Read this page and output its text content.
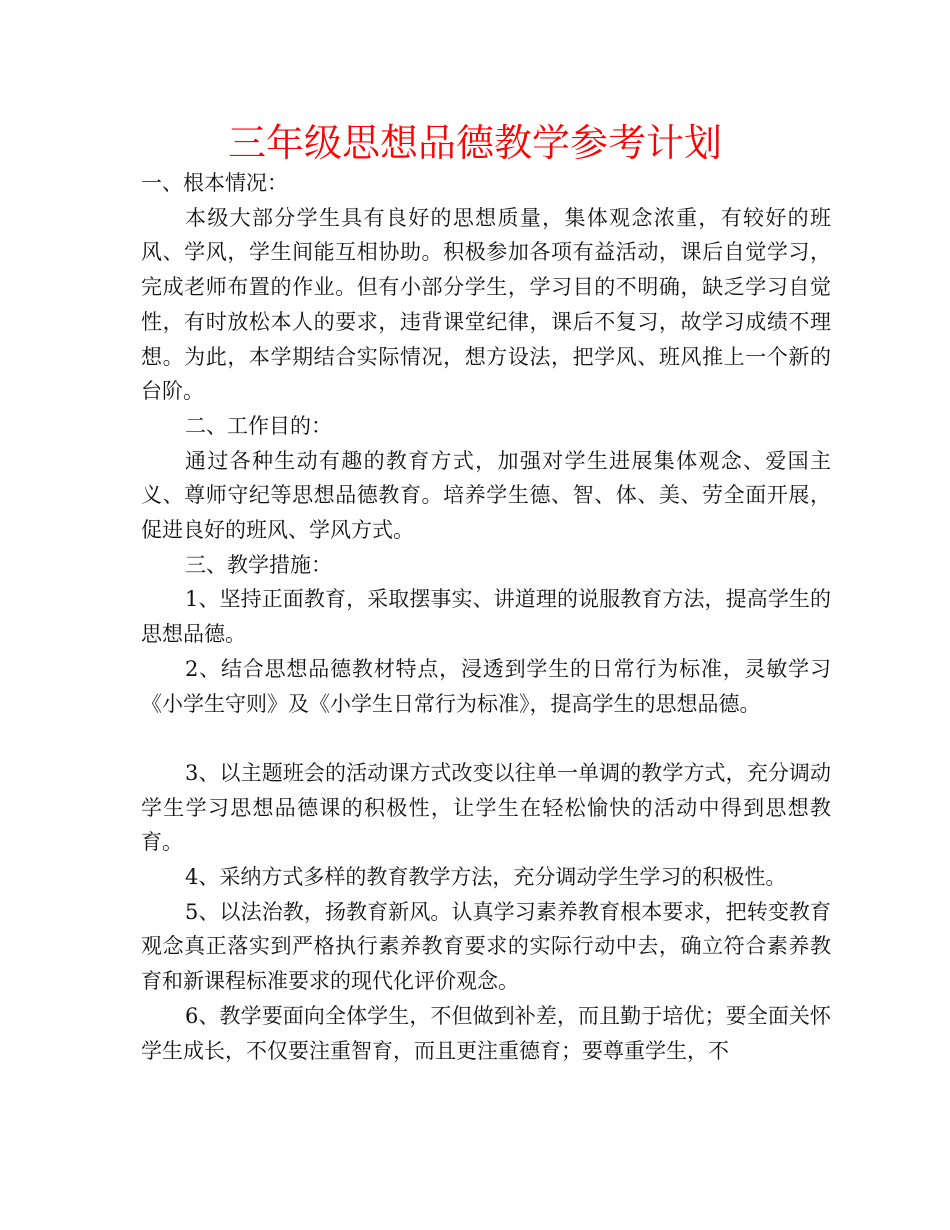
三年级思想品德教学参考计划

一、根本情况：

本级大部分学生具有良好的思想质量，集体观念浓重，有较好的班风、学风，学生间能互相协助。积极参加各项有益活动，课后自觉学习，完成老师布置的作业。但有小部分学生，学习目的不明确，缺乏学习自觉性，有时放松本人的要求，违背课堂纪律，课后不复习，故学习成绩不理想。为此，本学期结合实际情况，想方设法，把学风、班风推上一个新的台阶。

二、工作目的：

通过各种生动有趣的教育方式，加强对学生进展集体观念、爱国主义、尊师守纪等思想品德教育。培养学生德、智、体、美、劳全面开展，促进良好的班风、学风方式。

三、教学措施：

1、坚持正面教育，采取摆事实、讲道理的说服教育方法，提高学生的思想品德。

2、结合思想品德教材特点，浸透到学生的日常行为标准，灵敏学习《小学生守则》及《小学生日常行为标准》，提高学生的思想品德。

3、以主题班会的活动课方式改变以往单一单调的教学方式，充分调动学生学习思想品德课的积极性，让学生在轻松愉快的活动中得到思想教育。

4、采纳方式多样的教育教学方法，充分调动学生学习的积极性。

5、以法治教，扬教育新风。认真学习素养教育根本要求，把转变教育观念真正落实到严格执行素养教育要求的实际行动中去，确立符合素养教育和新课程标准要求的现代化评价观念。

6、教学要面向全体学生，不但做到补差，而且勤于培优；要全面关怀学生成长，不仅要注重智育，而且更注重德育；要尊重学生，不
